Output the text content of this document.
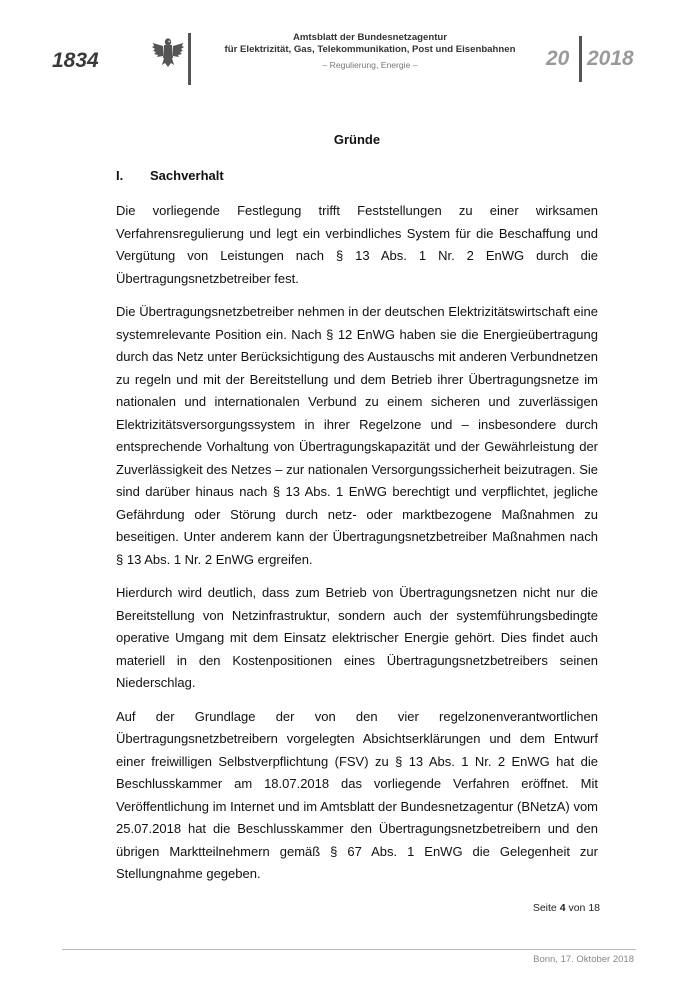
1834
Amtsblatt der Bundesnetzagentur
für Elektrizität, Gas, Telekommunikation, Post und Eisenbahnen
– Regulierung, Energie –	20 2018
Gründe
I.	Sachverhalt

Die vorliegende Festlegung trifft Feststellungen zu einer wirksamen Verfahrensregulierung und legt ein verbindliches System für die Beschaffung und Vergütung von Leistungen nach § 13 Abs. 1 Nr. 2 EnWG durch die Übertragungsnetzbetreiber fest.

Die Übertragungsnetzbetreiber nehmen in der deutschen Elektrizitätswirtschaft eine systemrelevante Position ein. Nach § 12 EnWG haben sie die Energieübertragung durch das Netz unter Berücksichtigung des Austauschs mit anderen Verbundnetzen zu regeln und mit der Bereitstellung und dem Betrieb ihrer Übertragungsnetze im nationalen und internationalen Verbund zu einem sicheren und zuverlässigen Elektrizitätsversorgungssystem in ihrer Regelzone und – insbesondere durch entsprechende Vorhaltung von Übertragungskapazität und der Gewährleistung der Zuverlässigkeit des Netzes – zur nationalen Versorgungssicherheit beizutragen. Sie sind darüber hinaus nach § 13 Abs. 1 EnWG berechtigt und verpflichtet, jegliche Gefährdung oder Störung durch netz- oder marktbezogene Maßnahmen zu beseitigen. Unter anderem kann der Übertragungsnetzbetreiber Maßnahmen nach § 13 Abs. 1 Nr. 2 EnWG ergreifen.

Hierdurch wird deutlich, dass zum Betrieb von Übertragungsnetzen nicht nur die Bereitstellung von Netzinfrastruktur, sondern auch der systemführungsbedingte operative Umgang mit dem Einsatz elektrischer Energie gehört. Dies findet auch materiell in den Kostenpositionen eines Übertragungsnetzbetreibers seinen Niederschlag.

Auf der Grundlage der von den vier regelzonenverantwortlichen Übertragungsnetzbetreibern vorgelegten Absichtserklärungen und dem Entwurf einer freiwilligen Selbstverpflichtung (FSV) zu § 13 Abs. 1 Nr. 2 EnWG hat die Beschlusskammer am 18.07.2018 das vorliegende Verfahren eröffnet. Mit Veröffentlichung im Internet und im Amtsblatt der Bundesnetzagentur (BNetzA) vom 25.07.2018 hat die Beschlusskammer den Übertragungsnetzbetreibern und den übrigen Marktteilnehmern gemäß § 67 Abs. 1 EnWG die Gelegenheit zur Stellungnahme gegeben.

Seite 4 von 18
Bonn, 17. Oktober 2018
